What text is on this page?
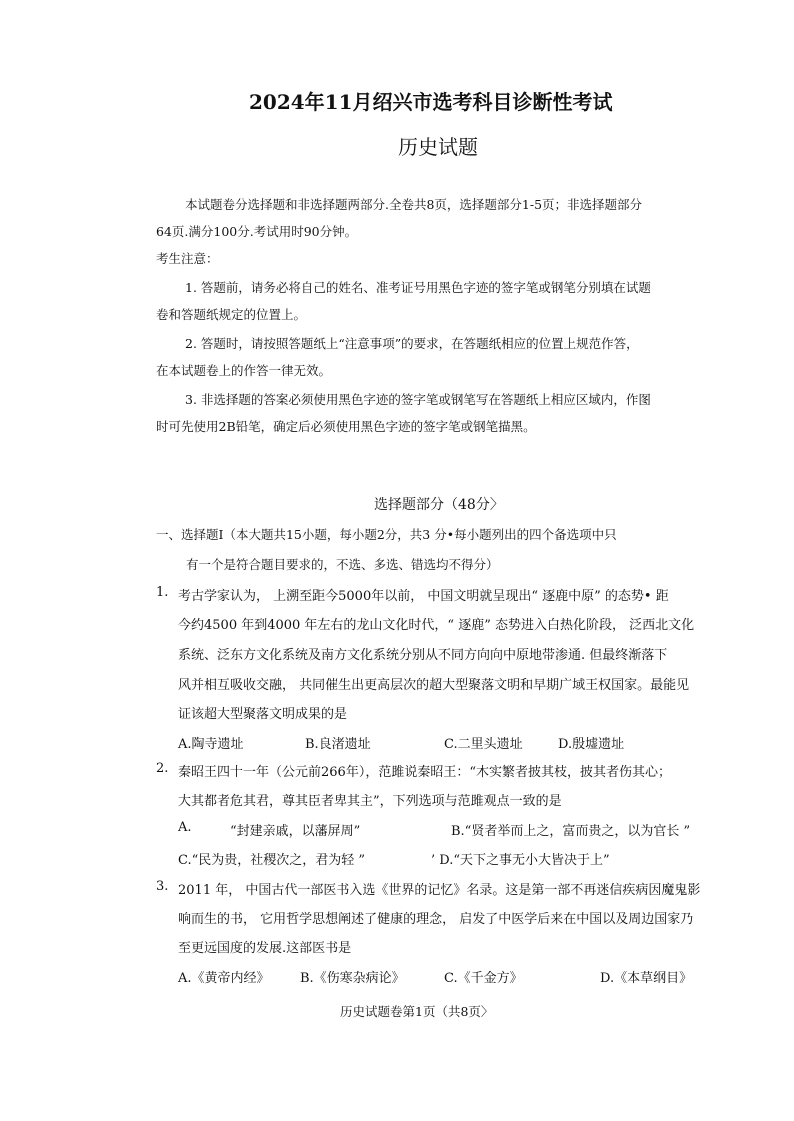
2024年11月绍兴市选考科目诊断性考试
历史试题
本试题卷分选择题和非选择题两部分.全卷共8页，选择题部分1-5页；非选择题部分
64页.满分100分.考试用时90分钟。
考生注意：
1. 答题前，请务必将自己的姓名、准考证号用黑色字迹的签字笔或钢笔分别填在试题
卷和答题纸规定的位置上。
2. 答题时，请按照答题纸上“注意事项”的要求，在答题纸相应的位置上规范作答，
在本试题卷上的作答一律无效。
3. 非选择题的答案必须使用黑色字迹的签字笔或钢笔写在答题纸上相应区域内，作图
时可先使用2B铅笔，确定后必须使用黑色字迹的签字笔或钢笔描黑。
选择题部分（48分〉
一、选择题Ⅰ（本大题共15小题，每小题2分，共3 分•每小题列出的四个备选项中只
有一个是符合题目要求的，不选、多选、错选均不得分）
1. 考古学家认为， 上溯至距今5000年以前， 中国文明就呈现出“ 逐鹿中原” 的态势• 距
今约4500 年到4000 年左右的龙山文化时代，“ 逐鹿” 态势进入白热化阶段， 泛西北文化
系统、泛东方文化系统及南方文化系统分别从不同方向向中原地带渗通. 但最终渐落下
风并相互吸收交融， 共同催生出更高层次的超大型聚落文明和早期广域王权国家。最能见
证该超大型聚落文明成果的是
A.陶寺遗址	B.良渚遗址	C.二里头遗址	D.殷墟遗址
2. 秦昭王四十一年（公元前266年），范雎说秦昭王：“木实繁者披其枝，披其者伤其心；
大其都者危其君，尊其臣者卑其主”，下列选项与范雎观点一致的是
A.	“封建亲戚，以藩屏周”	B.“贤者举而上之，富而贵之，以为官长 ”
C.“民为贵，社稷次之，君为轻 ”	’ D.“天下之事无小大皆决于上”
3. 2011 年， 中国古代一部医书入选《世界的记忆》名录。这是第一部不再迷信疾病因魔鬼影
响而生的书， 它用哲学思想阐述了健康的理念， 启发了中医学后来在中国以及周边国家乃
至更远国度的发展.这部医书是
A.《黄帝内经》 B.《伤寒杂病论》	C.《千金方》	D.《本草纲目》
历史试题卷第1页（共8页〉
